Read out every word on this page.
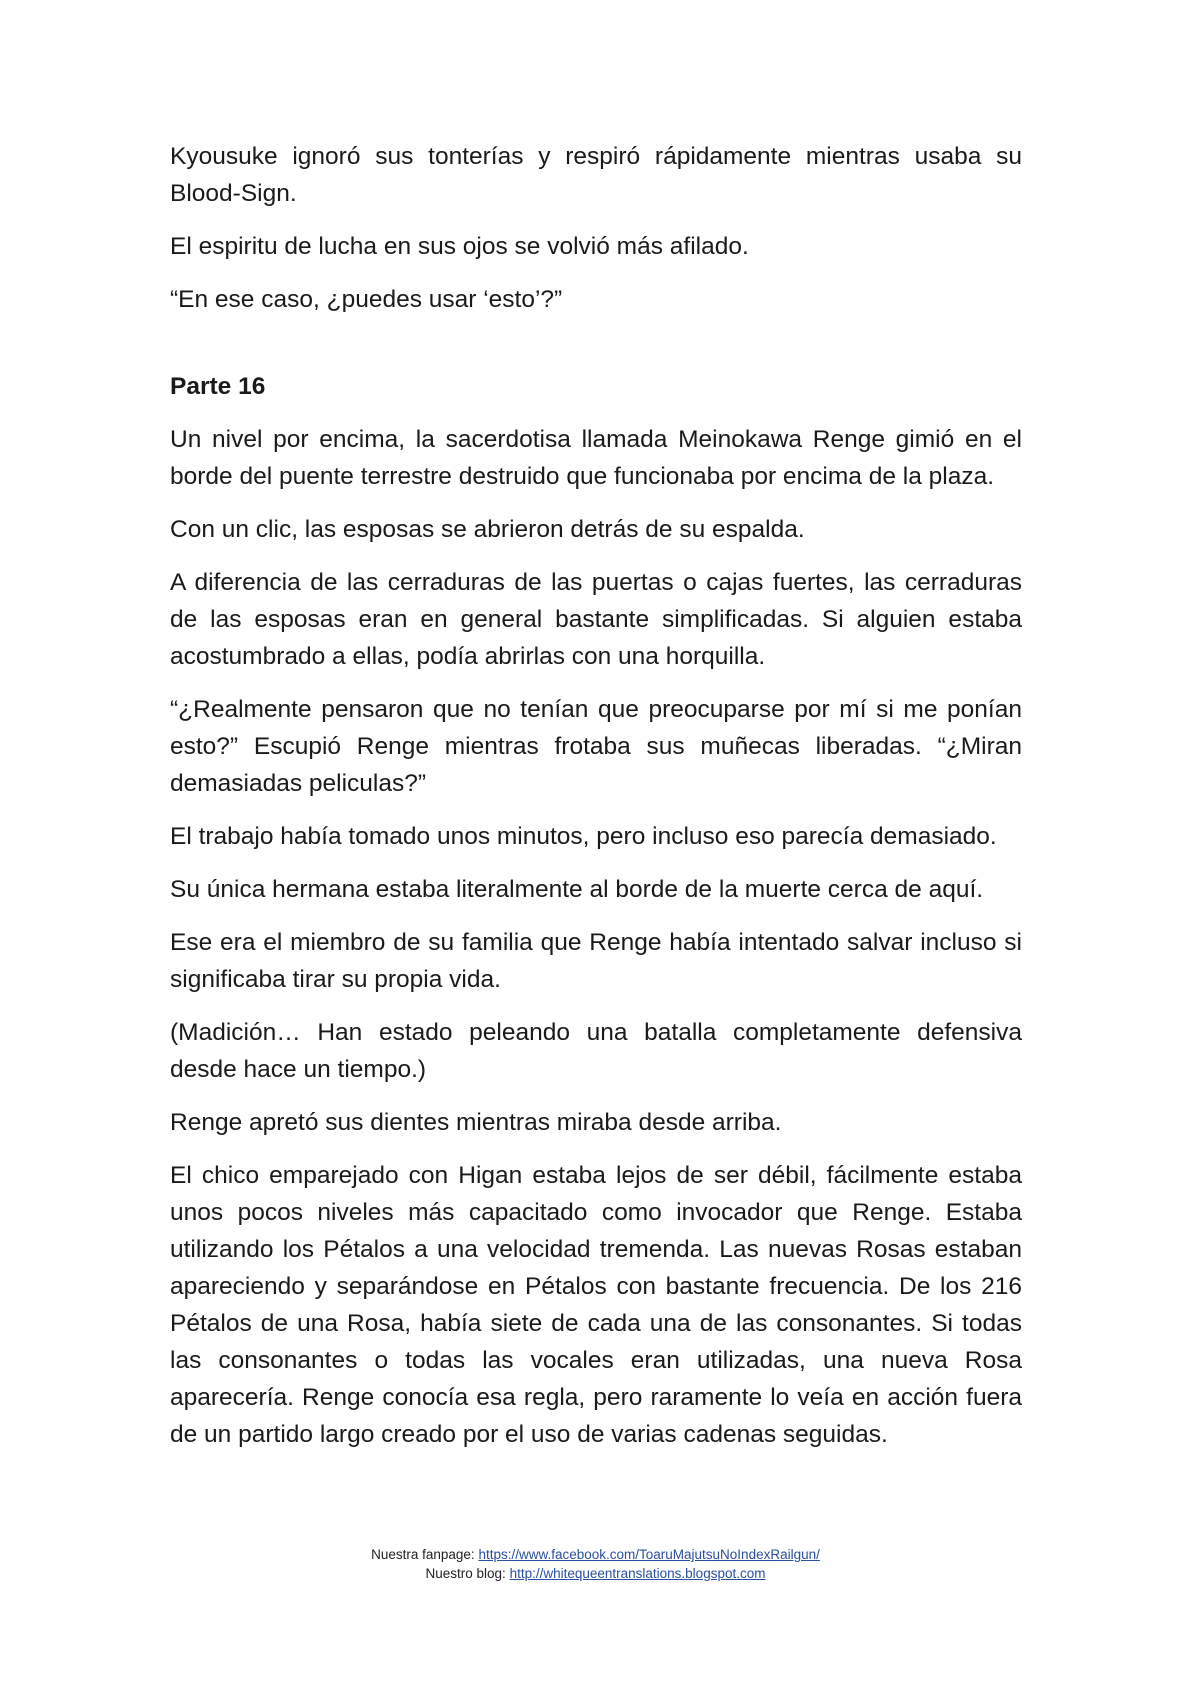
Kyousuke ignoró sus tonterías y respiró rápidamente mientras usaba su Blood-Sign.

El espiritu de lucha en sus ojos se volvió más afilado.

“En ese caso, ¿puedes usar ‘esto’?”

Parte 16

Un nivel por encima, la sacerdotisa llamada Meinokawa Renge gimió en el borde del puente terrestre destruido que funcionaba por encima de la plaza.

Con un clic, las esposas se abrieron detrás de su espalda.

A diferencia de las cerraduras de las puertas o cajas fuertes, las cerraduras de las esposas eran en general bastante simplificadas. Si alguien estaba acostumbrado a ellas, podía abrirlas con una horquilla.

“¿Realmente pensaron que no tenían que preocuparse por mí si me ponían esto?” Escupió Renge mientras frotaba sus muñecas liberadas. “¿Miran demasiadas peliculas?”

El trabajo había tomado unos minutos, pero incluso eso parecía demasiado.

Su única hermana estaba literalmente al borde de la muerte cerca de aquí.

Ese era el miembro de su familia que Renge había intentado salvar incluso si significaba tirar su propia vida.

(Madición… Han estado peleando una batalla completamente defensiva desde hace un tiempo.)

Renge apretó sus dientes mientras miraba desde arriba.

El chico emparejado con Higan estaba lejos de ser débil, fácilmente estaba unos pocos niveles más capacitado como invocador que Renge. Estaba utilizando los Pétalos a una velocidad tremenda. Las nuevas Rosas estaban apareciendo y separándose en Pétalos con bastante frecuencia. De los 216 Pétalos de una Rosa, había siete de cada una de las consonantes. Si todas las consonantes o todas las vocales eran utilizadas, una nueva Rosa aparecería. Renge conocía esa regla, pero raramente lo veía en acción fuera de un partido largo creado por el uso de varias cadenas seguidas.

Nuestra fanpage: https://www.facebook.com/ToaruMajutsuNoIndexRailgun/
Nuestro blog: http://whitequeentranslations.blogspot.com
